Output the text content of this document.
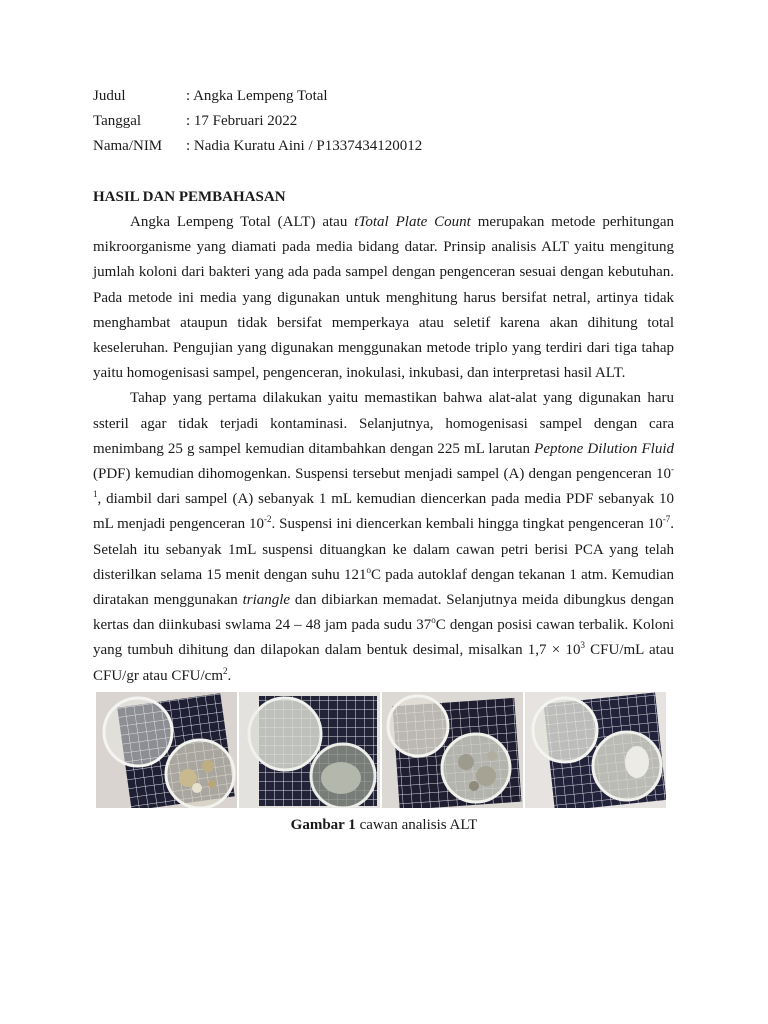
Judul	: Angka Lempeng Total
Tanggal	: 17 Februari 2022
Nama/NIM	: Nadia Kuratu Aini / P1337434120012
HASIL DAN PEMBAHASAN

Angka Lempeng Total (ALT) atau tTotal Plate Count merupakan metode perhitungan mikroorganisme yang diamati pada media bidang datar. Prinsip analisis ALT yaitu mengitung jumlah koloni dari bakteri yang ada pada sampel dengan pengenceran sesuai dengan kebutuhan. Pada metode ini media yang digunakan untuk menghitung harus bersifat netral, artinya tidak menghambat ataupun tidak bersifat memperkaya atau seletif karena akan dihitung total keseleruhan. Pengujian yang digunakan menggunakan metode triplo yang terdiri dari tiga tahap yaitu homogenisasi sampel, pengenceran, inokulasi, inkubasi, dan interpretasi hasil ALT.

Tahap yang pertama dilakukan yaitu memastikan bahwa alat-alat yang digunakan haru ssteril agar tidak terjadi kontaminasi. Selanjutnya, homogenisasi sampel dengan cara menimbang 25 g sampel kemudian ditambahkan dengan 225 mL larutan Peptone Dilution Fluid (PDF) kemudian dihomogenkan. Suspensi tersebut menjadi sampel (A) dengan pengenceran $10^{-1}$, diambil dari sampel (A) sebanyak 1 mL kemudian diencerkan pada media PDF sebanyak 10 mL menjadi pengenceran $10^{-2}$. Suspensi ini diencerkan kembali hingga tingkat pengenceran $10^{-7}$. Setelah itu sebanyak 1mL suspensi dituangkan ke dalam cawan petri berisi PCA yang telah disterilkan selama 15 menit dengan suhu 121$^o$C pada autoklaf dengan tekanan 1 atm. Kemudian diratakan menggunakan triangle dan dibiarkan memadat. Selanjutnya meida dibungkus dengan kertas dan diinkubasi swlama 24 – 48 jam pada sudu 37$^o$C dengan posisi cawan terbalik. Koloni yang tumbuh dihitung dan dilapokan dalam bentuk desimal, misalkan $1,7 \times 10^3$ CFU/mL atau CFU/gr atau CFU/$cm^2$.

Gambar 1 cawan analisis ALT
